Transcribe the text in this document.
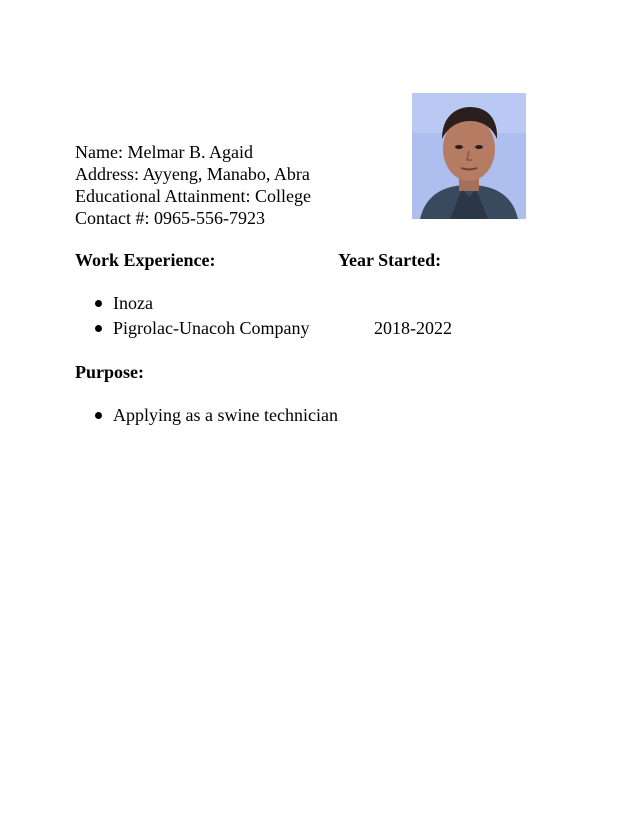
Name: Melmar B. Agaid
Address: Ayyeng, Manabo, Abra
Educational Attainment: College
Contact #: 0965-556-7923
Work Experience:	Year Started:
Inoza
Pigrolac-Unacoh Company	2018-2022
Purpose:
Applying as a swine technician
